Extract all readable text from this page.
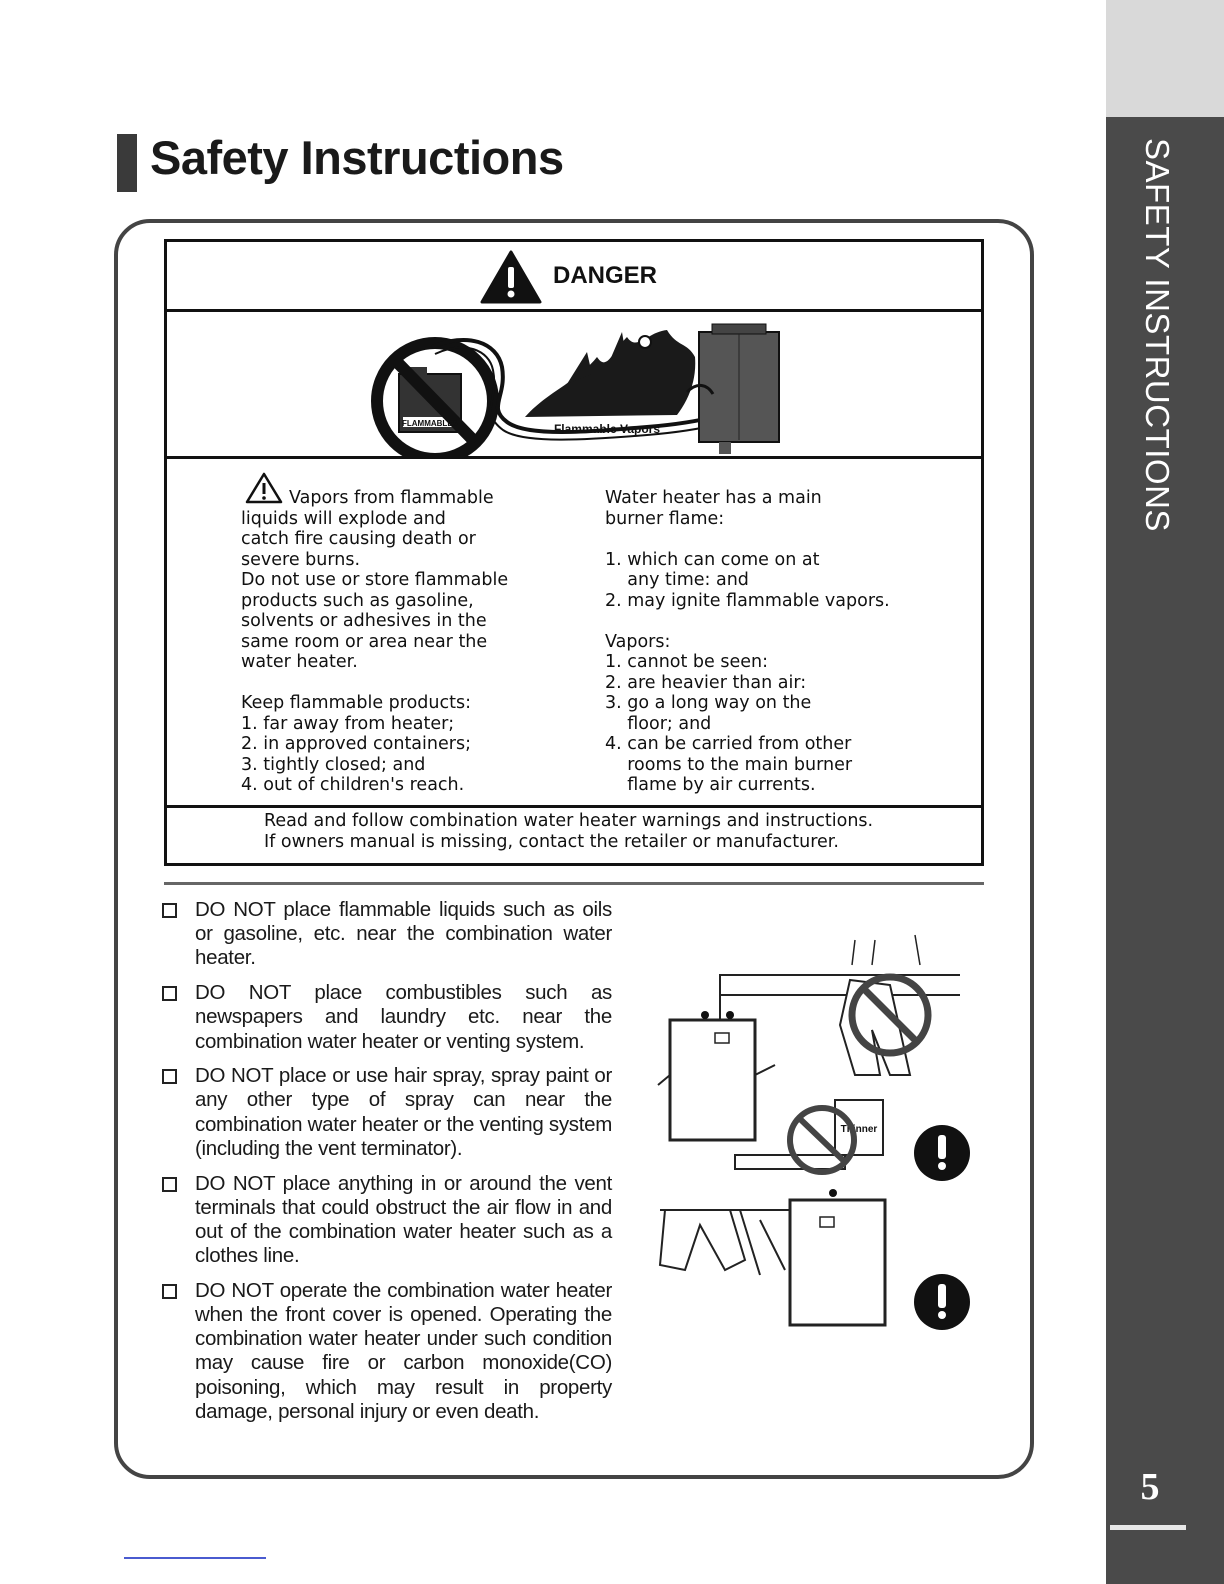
SAFETY INSTRUCTIONS
5
Safety Instructions
DANGER
FLAMMABLES	Flammable Vapors
Vapors from flammable
liquids will explode and
catch fire causing death or
severe burns.
Do not use or store flammable
products such as gasoline,
solvents or adhesives in the
same room or area near the
water heater.

Keep flammable products:
1. far away from heater;
2. in approved containers;
3. tightly closed; and
4. out of children's reach.
Water heater has a main
burner flame:

1. which can come on at
any time: and
2. may ignite flammable vapors.

Vapors:
1. cannot be seen:
2. are heavier than air:
3. go a long way on the
floor; and
4. can be carried from other
rooms to the main burner
flame by air currents.
Read and follow combination water heater warnings and instructions.
If owners manual is missing, contact the retailer or manufacturer.
DO NOT place flammable liquids such as oils or gasoline, etc. near the combination water heater.
DO NOT place combustibles such as newspapers and laundry etc. near the combination water heater or venting system.
DO NOT place or use hair spray, spray paint or any other type of spray can near the combination water heater or the venting system (including the vent terminator).
DO NOT place anything in or around the vent terminals that could obstruct the air flow in and out of the combination water heater such as a clothes line.
DO NOT operate the combination water heater when the front cover is opened. Operating the combination water heater under such condition may cause fire or carbon monoxide(CO) poisoning, which may result in property damage, personal injury or even death.
Thinner
